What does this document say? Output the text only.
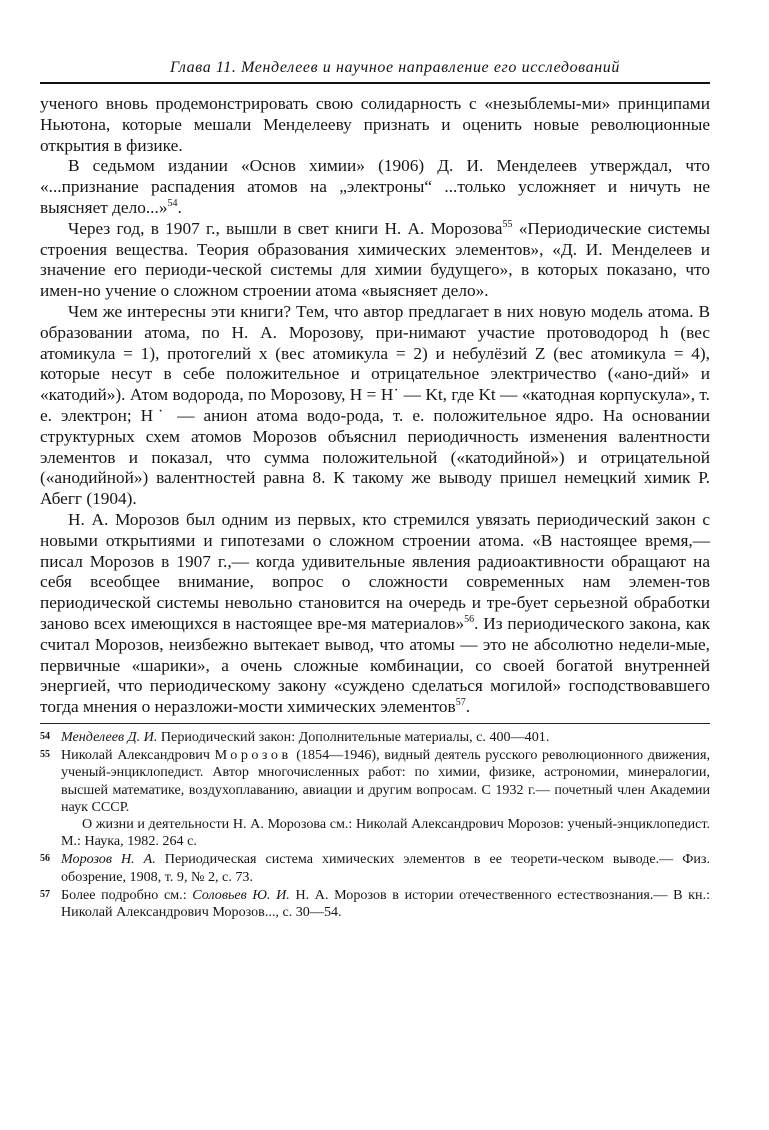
Глава 11. Менделеев и научное направление его исследований

ученого вновь продемонстрировать свою солидарность с «незыблемы-ми» принципами Ньютона, которые мешали Менделееву признать и оценить новые революционные открытия в физике.

В седьмом издании «Основ химии» (1906) Д. И. Менделеев утверждал, что «...признание распадения атомов на „электроны“ ...только усложняет и ничуть не выясняет дело...»$^{54}$.

Через год, в 1907 г., вышли в свет книги Н. А. Морозова$^{55}$ «Периодические системы строения вещества. Теория образования химических элементов», «Д. И. Менделеев и значение его периоди-ческой системы для химии будущего», в которых показано, что имен-но учение о сложном строении атома «выясняет дело».

Чем же интересны эти книги? Тем, что автор предлагает в них новую модель атома. В образовании атома, по Н. А. Морозову, при-нимают участие протоводород h (вес атомикула = 1), протогелий x (вес атомикула = 2) и небулёзий Z (вес атомикула = 4), которые несут в себе положительное и отрицательное электричество («ано-дий» и «катодий»). Атом водорода, по Морозову, H = H˙ — Kt, где Kt — «катодная корпускула», т. е. электрон; H˙ — анион атома водо-рода, т. е. положительное ядро. На основании структурных схем атомов Морозов объяснил периодичность изменения валентности элементов и показал, что сумма положительной («катодийной») и отрицательной («анодийной») валентностей равна 8. К такому же выводу пришел немецкий химик Р. Абегг (1904).

Н. А. Морозов был одним из первых, кто стремился увязать периодический закон с новыми открытиями и гипотезами о сложном строении атома. «В настоящее время,— писал Морозов в 1907 г.,— когда удивительные явления радиоактивности обращают на себя всеобщее внимание, вопрос о сложности современных нам элемен-тов периодической системы невольно становится на очередь и тре-бует серьезной обработки заново всех имеющихся в настоящее вре-мя материалов»$^{56}$. Из периодического закона, как считал Морозов, неизбежно вытекает вывод, что атомы — это не абсолютно недели-мые, первичные «шарики», а очень сложные комбинации, со своей богатой внутренней энергией, что периодическому закону «суждено сделаться могилой» господствовавшего тогда мнения о неразложи-мости химических элементов$^{57}$.

54 Менделеев Д. И. Периодический закон: Дополнительные материалы, с. 400—401.

55 Николай Александрович Морозов (1854—1946), видный деятель русского революционного движения, ученый-энциклопедист. Автор многочисленных работ: по химии, физике, астрономии, минералогии, высшей математике, воздухоплаванию, авиации и другим вопросам. С 1932 г.— почетный член Академии наук СССР.

О жизни и деятельности Н. А. Морозова см.: Николай Александрович Морозов: ученый-энциклопедист. М.: Наука, 1982. 264 с.

56 Морозов Н. А. Периодическая система химических элементов в ее теорети-ческом выводе.— Физ. обозрение, 1908, т. 9, № 2, с. 73.

57 Более подробно см.: Соловьев Ю. И. Н. А. Морозов в истории отечественного естествознания.— В кн.: Николай Александрович Морозов..., с. 30—54.
